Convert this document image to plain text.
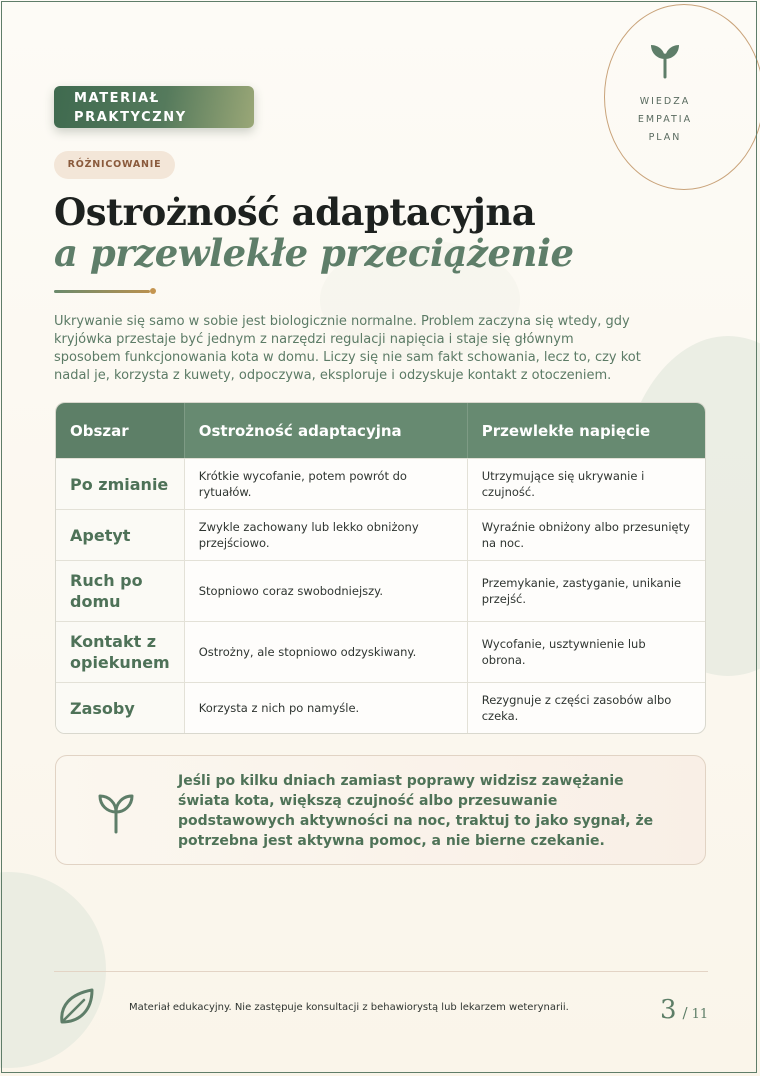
WIEDZA
EMPATIA
PLAN
MATERIAŁ PRAKTYCZNY
RÓŻNICOWANIE
Ostrożność adaptacyjna
a przewlekłe przeciążenie

Ukrywanie się samo w sobie jest biologicznie normalne. Problem zaczyna się wtedy, gdy kryjówka przestaje być jednym z narzędzi regulacji napięcia i staje się głównym sposobem funkcjonowania kota w domu. Liczy się nie sam fakt schowania, lecz to, czy kot nadal je, korzysta z kuwety, odpoczywa, eksploruje i odzyskuje kontakt z otoczeniem.

Obszar	Ostrożność adaptacyjna	Przewlekłe napięcie
Po zmianie	Krótkie wycofanie, potem powrót do rytuałów.	Utrzymujące się ukrywanie i czujność.
Apetyt	Zwykle zachowany lub lekko obniżony przejściowo.	Wyraźnie obniżony albo przesunięty na noc.
Ruch po domu	Stopniowo coraz swobodniejszy.	Przemykanie, zastyganie, unikanie przejść.
Kontakt z opiekunem	Ostrożny, ale stopniowo odzyskiwany.	Wycofanie, usztywnienie lub obrona.
Zasoby	Korzysta z nich po namyśle.	Rezygnuje z części zasobów albo czeka.

Jeśli po kilku dniach zamiast poprawy widzisz zawężanie świata kota, większą czujność albo przesuwanie podstawowych aktywności na noc, traktuj to jako sygnał, że potrzebna jest aktywna pomoc, a nie bierne czekanie.

Materiał edukacyjny. Nie zastępuje konsultacji z behawiorystą lub lekarzem weterynarii.	3 / 11
